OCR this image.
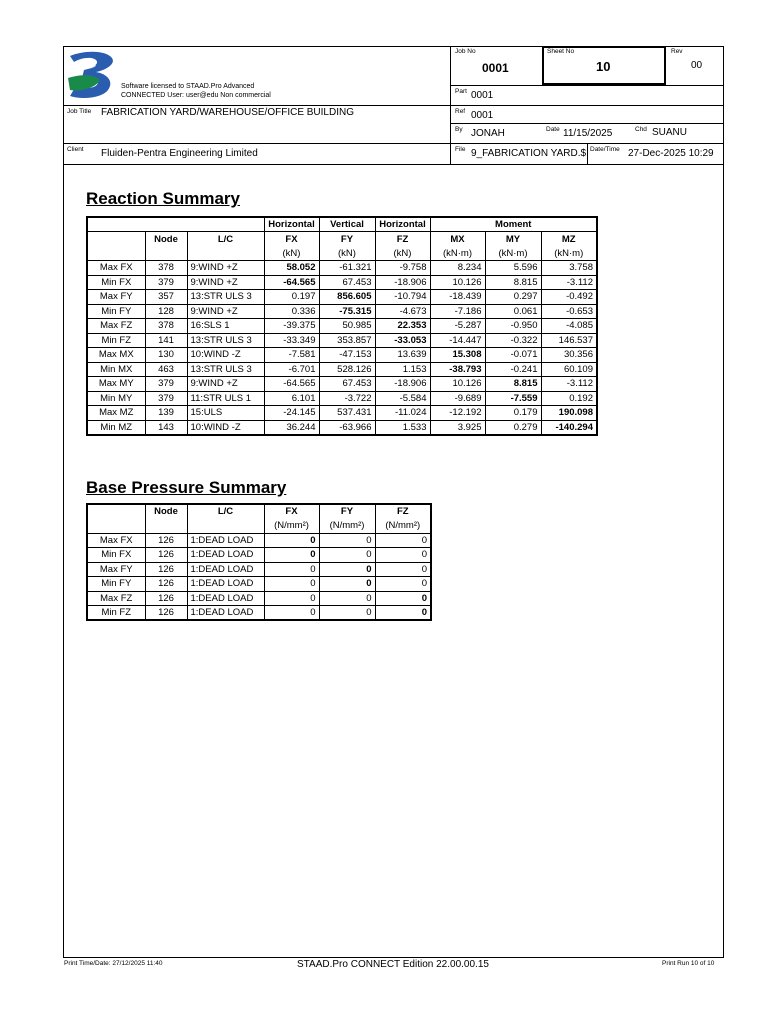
Software licensed to STAAD.Pro Advanced
CONNECTED User: user@edu Non commercial
Job No
0001
Sheet No
10
Rev
00
Part 0001
Job Title FABRICATION YARD/WAREHOUSE/OFFICE BUILDING	Ref 0001
By JONAH	Date 11/15/2025	Chd SUANU
Client Fluiden-Pentra Engineering Limited	File 9_FABRICATION YARD.$ Date/Time 27-Dec-2025 10:29
Reaction Summary
			Horizontal	Vertical	Horizontal	Moment		
	Node	L/C	FX	FY	FZ	MX	MY	MZ
			(kN)	(kN)	(kN)	(kN·m)	(kN·m)	(kN·m)
Max FX	378	9:WIND +Z	58.052	-61.321	-9.758	8.234	5.596	3.758
Min FX	379	9:WIND +Z	-64.565	67.453	-18.906	10.126	8.815	-3.112
Max FY	357	13:STR ULS 3	0.197	856.605	-10.794	-18.439	0.297	-0.492
Min FY	128	9:WIND +Z	0.336	-75.315	-4.673	-7.186	0.061	-0.653
Max FZ	378	16:SLS 1	-39.375	50.985	22.353	-5.287	-0.950	-4.085
Min FZ	141	13:STR ULS 3	-33.349	353.857	-33.053	-14.447	-0.322	146.537
Max MX	130	10:WIND -Z	-7.581	-47.153	13.639	15.308	-0.071	30.356
Min MX	463	13:STR ULS 3	-6.701	528.126	1.153	-38.793	-0.241	60.109
Max MY	379	9:WIND +Z	-64.565	67.453	-18.906	10.126	8.815	-3.112
Min MY	379	11:STR ULS 1	6.101	-3.722	-5.584	-9.689	-7.559	0.192
Max MZ	139	15:ULS	-24.145	537.431	-11.024	-12.192	0.179	190.098
Min MZ	143	10:WIND -Z	36.244	-63.966	1.533	3.925	0.279	-140.294
Base Pressure Summary
	Node	L/C	FX	FY	FZ
			(N/mm²)	(N/mm²)	(N/mm²)
Max FX	126	1:DEAD LOAD	0	0	0
Min FX	126	1:DEAD LOAD	0	0	0
Max FY	126	1:DEAD LOAD	0	0	0
Min FY	126	1:DEAD LOAD	0	0	0
Max FZ	126	1:DEAD LOAD	0	0	0
Min FZ	126	1:DEAD LOAD	0	0	0
Print Time/Date: 27/12/2025 11:40	STAAD.Pro CONNECT Edition 22.00.00.15	Print Run 10 of 10
